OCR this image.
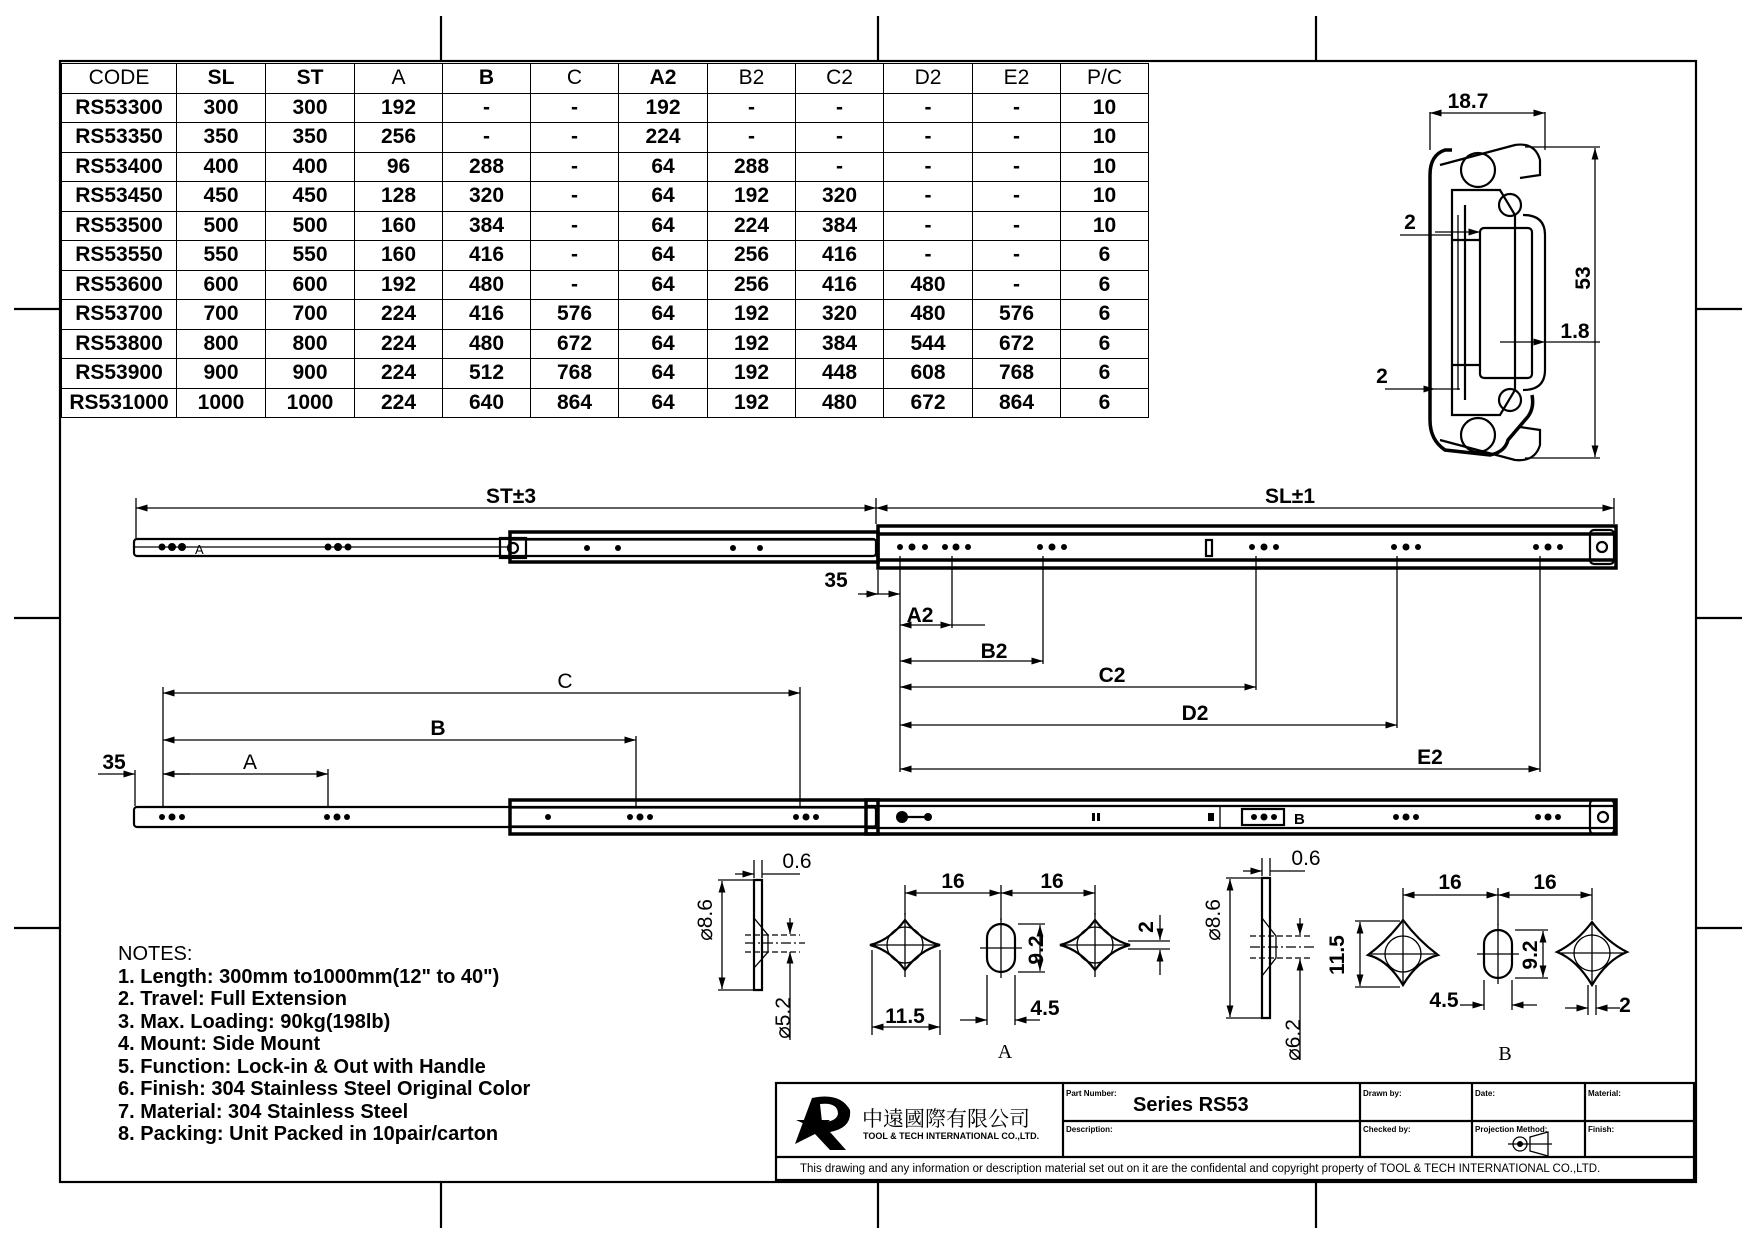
18.7
53
2
2
1.8
A
ST±3	SL±1
35
A2
B2
C2
D2
E2
B
C
B
A
35
⌀8.6
0.6
⌀5.2
16	16
9.2
2
11.5	4.5
A
⌀8.6
0.6
⌀6.2
16	16
11.5	9.2
4.5	2
B
CODE	SL	ST	A	B	C	A2	B2	C2	D2	E2	P/C
RS53300	300	300	192	-	-	192	-	-	-	-	10
RS53350	350	350	256	-	-	224	-	-	-	-	10
RS53400	400	400	96	288	-	64	288	-	-	-	10
RS53450	450	450	128	320	-	64	192	320	-	-	10
RS53500	500	500	160	384	-	64	224	384	-	-	10
RS53550	550	550	160	416	-	64	256	416	-	-	6
RS53600	600	600	192	480	-	64	256	416	480	-	6
RS53700	700	700	224	416	576	64	192	320	480	576	6
RS53800	800	800	224	480	672	64	192	384	544	672	6
RS53900	900	900	224	512	768	64	192	448	608	768	6
RS531000	1000	1000	224	640	864	64	192	480	672	864	6
NOTES:
1. Length: 300mm to1000mm(12" to 40")
2. Travel: Full Extension
3. Max. Loading: 90kg(198lb)
4. Mount: Side Mount
5. Function: Lock-in & Out with Handle
6. Finish: 304 Stainless Steel Original Color
7. Material: 304 Stainless Steel
8. Packing: Unit Packed in 10pair/carton
中遠國際有限公司
TOOL & TECH INTERNATIONAL CO.,LTD.
Part Number:
Series RS53
Description:
Drawn by:
Checked by:
Date:
Projection Method:
Material:
Finish:
This drawing and any information or description material set out on it are the confidental and copyright property of TOOL & TECH INTERNATIONAL CO.,LTD.
